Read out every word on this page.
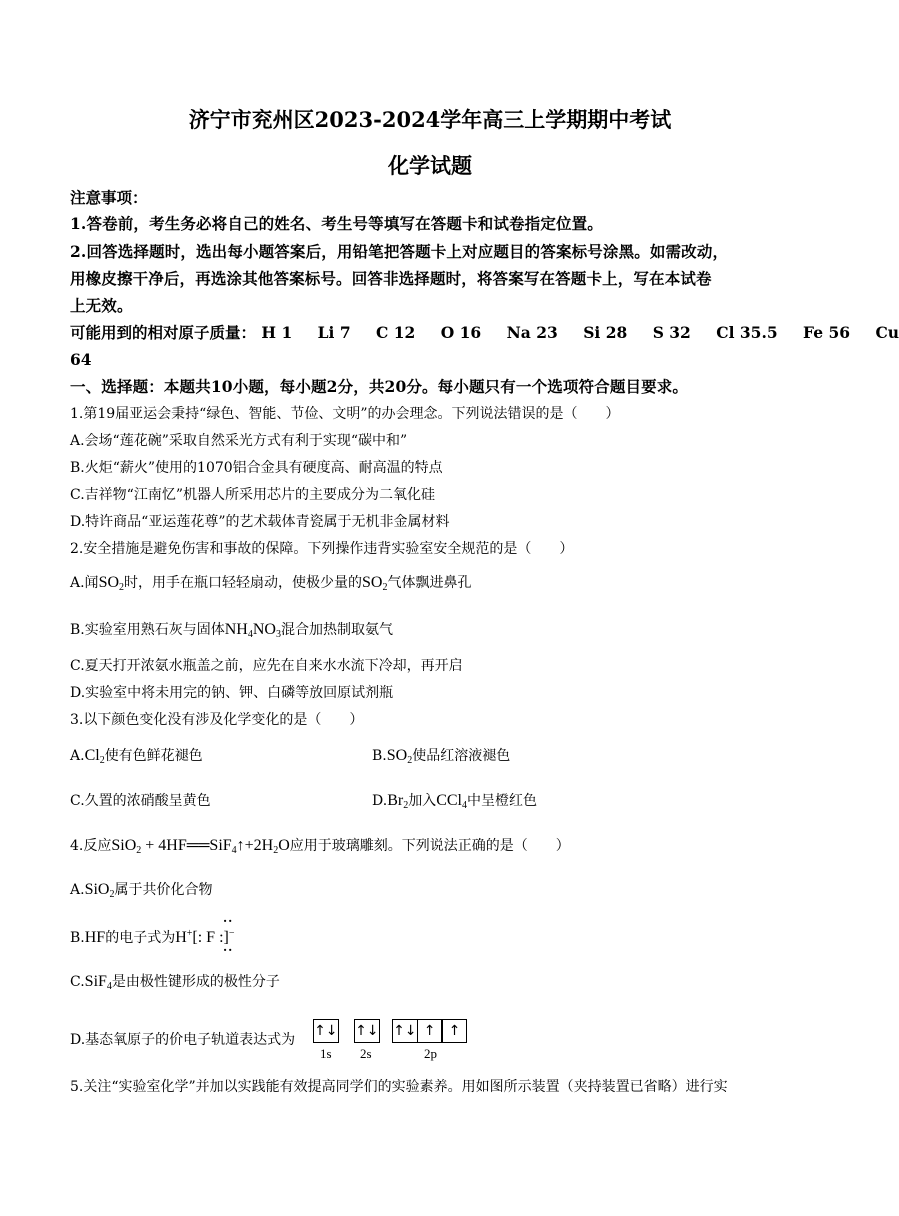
济宁市兖州区2023-2024学年高三上学期期中考试
化学试题
注意事项：
1.答卷前，考生务必将自己的姓名、考生号等填写在答题卡和试卷指定位置。
2.回答选择题时，选出每小题答案后，用铅笔把答题卡上对应题目的答案标号涂黑。如需改动，
用橡皮擦干净后，再选涂其他答案标号。回答非选择题时，将答案写在答题卡上，写在本试卷
上无效。
可能用到的相对原子质量： H 1 Li 7 C 12 O 16 Na 23 Si 28 S 32 Cl 35.5 Fe 56 Cu
64
一、选择题：本题共10小题，每小题2分，共20分。每小题只有一个选项符合题目要求。
1.第19届亚运会秉持“绿色、智能、节俭、文明”的办会理念。下列说法错误的是（　　）
A.会场“莲花碗”采取自然采光方式有利于实现“碳中和”
B.火炬“薪火”使用的1070铝合金具有硬度高、耐高温的特点
C.吉祥物“江南忆”机器人所采用芯片的主要成分为二氧化硅
D.特许商品“亚运莲花尊”的艺术载体青瓷属于无机非金属材料
2.安全措施是避免伤害和事故的保障。下列操作违背实验室安全规范的是（　　）
A.闻$SO_2$时，用手在瓶口轻轻扇动，使极少量的$SO_2$气体飘进鼻孔
B.实验室用熟石灰与固体$NH_4NO_3$混合加热制取氨气
C.夏天打开浓氨水瓶盖之前，应先在自来水水流下冷却，再开启
D.实验室中将未用完的钠、钾、白磷等放回原试剂瓶
3.以下颜色变化没有涉及化学变化的是（　　）
$A.Cl_2$使有色鲜花褪色	$B.SO_2$使品红溶液褪色
C.久置的浓硝酸呈黄色	$D.Br_2$加入CCl$_4$中呈橙红色
4.反应$SiO_2 + 4HF══SiF_4↑+2H_2O$应用于玻璃雕刻。下列说法正确的是（　　）
A.SiO$_2$属于共价化合物
B.HF的电子式为H+[: F :]−
··
··
C.SiF$_4$是由极性键形成的极性分子
D.基态氧原子的价电子轨道表达式为
↑↓ ↑↓ ↑↓ ↑ ↑
1s 2s	2p
5.关注“实验室化学”并加以实践能有效提高同学们的实验素养。用如图所示装置（夹持装置已省略）进行实
